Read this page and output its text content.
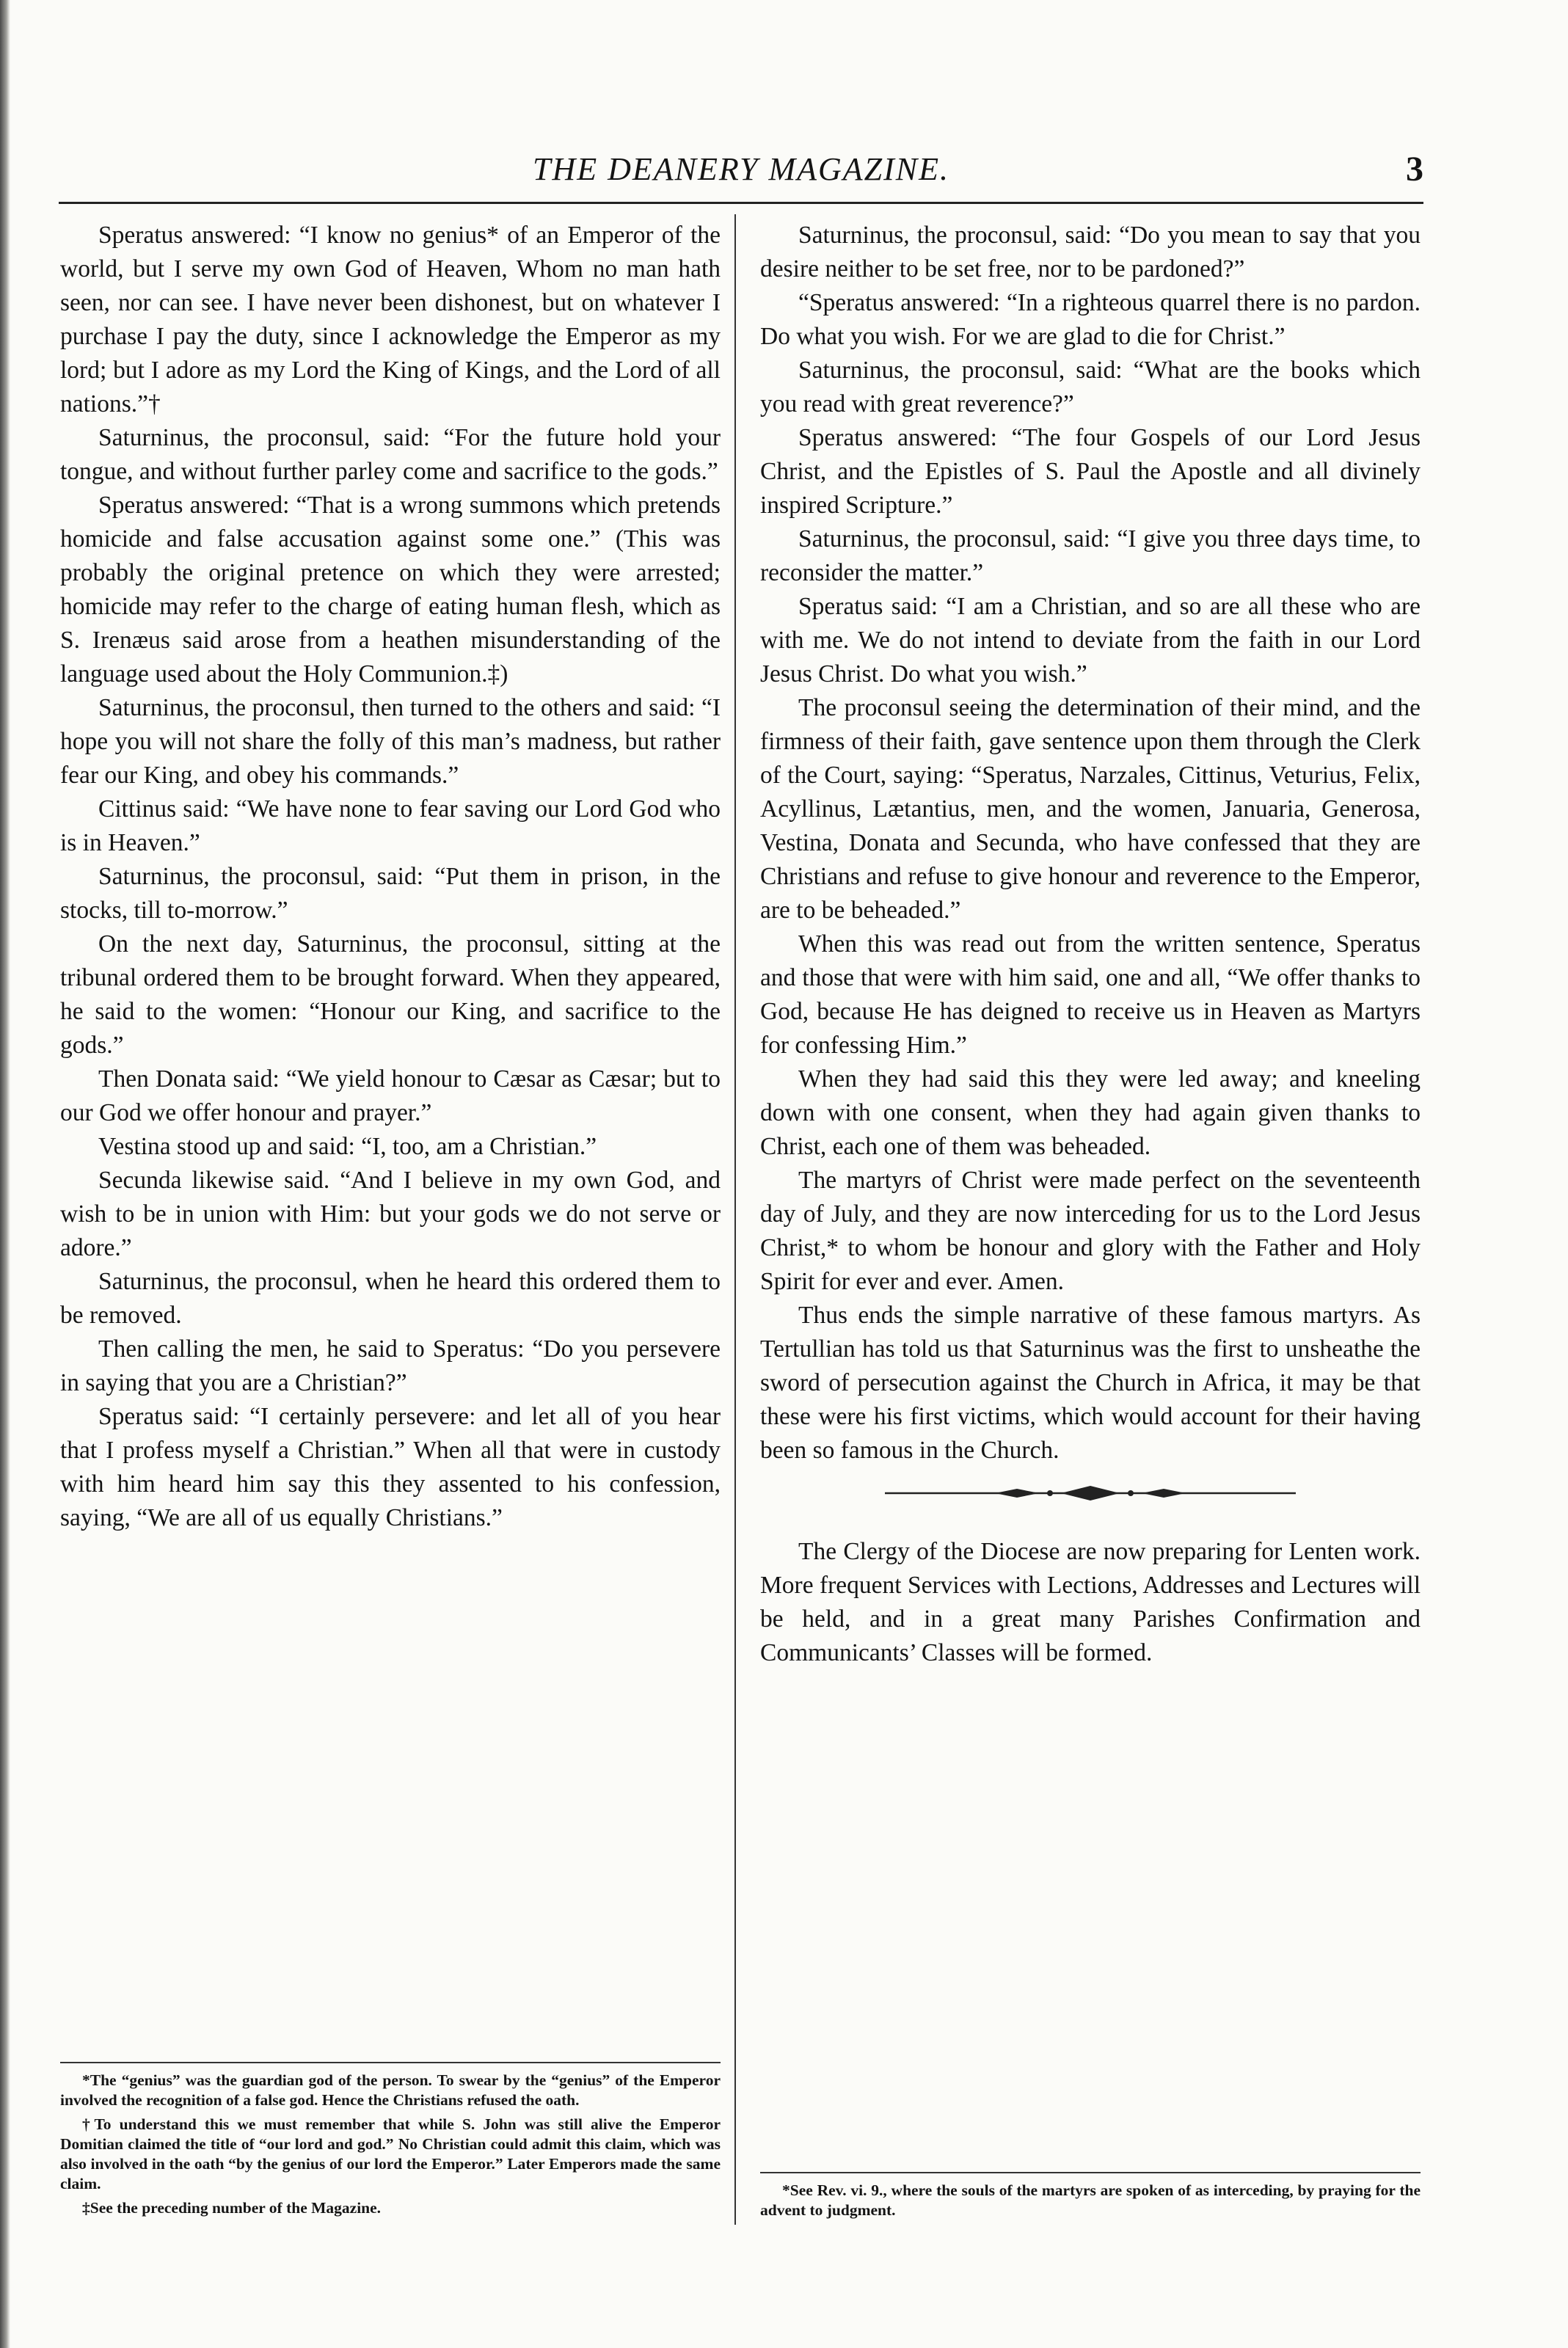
THE DEANERY MAGAZINE.	3

Speratus answered: “I know no genius* of an Emperor of the world, but I serve my own God of Heaven, Whom no man hath seen, nor can see. I have never been dishonest, but on whatever I purchase I pay the duty, since I acknowledge the Emperor as my lord; but I adore as my Lord the King of Kings, and the Lord of all nations.”†

Saturninus, the proconsul, said: “For the future hold your tongue, and without further parley come and sacrifice to the gods.”

Speratus answered: “That is a wrong summons which pretends homicide and false accusation against some one.” (This was probably the original pretence on which they were arrested; homicide may refer to the charge of eating human flesh, which as S. Irenæus said arose from a heathen misunderstanding of the language used about the Holy Communion.‡)

Saturninus, the proconsul, then turned to the others and said: “I hope you will not share the folly of this man’s madness, but rather fear our King, and obey his commands.”

Cittinus said: “We have none to fear saving our Lord God who is in Heaven.”

Saturninus, the proconsul, said: “Put them in prison, in the stocks, till to-morrow.”

On the next day, Saturninus, the proconsul, sitting at the tribunal ordered them to be brought forward. When they appeared, he said to the women: “Honour our King, and sacrifice to the gods.”

Then Donata said: “We yield honour to Cæsar as Cæsar; but to our God we offer honour and prayer.”

Vestina stood up and said: “I, too, am a Christian.”

Secunda likewise said. “And I believe in my own God, and wish to be in union with Him: but your gods we do not serve or adore.”

Saturninus, the proconsul, when he heard this ordered them to be removed.

Then calling the men, he said to Speratus: “Do you persevere in saying that you are a Christian?”

Speratus said: “I certainly persevere: and let all of you hear that I profess myself a Christian.” When all that were in custody with him heard him say this they assented to his confession, saying, “We are all of us equally Christians.”

*The “genius” was the guardian god of the person. To swear by the “genius” of the Emperor involved the recognition of a false god. Hence the Christians refused the oath.

†To understand this we must remember that while S. John was still alive the Emperor Domitian claimed the title of “our lord and god.” No Christian could admit this claim, which was also involved in the oath “by the genius of our lord the Emperor.” Later Emperors made the same claim.

‡See the preceding number of the Magazine.

Saturninus, the proconsul, said: “Do you mean to say that you desire neither to be set free, nor to be pardoned?”

“Speratus answered: “In a righteous quarrel there is no pardon. Do what you wish. For we are glad to die for Christ.”

Saturninus, the proconsul, said: “What are the books which you read with great reverence?”

Speratus answered: “The four Gospels of our Lord Jesus Christ, and the Epistles of S. Paul the Apostle and all divinely inspired Scripture.”

Saturninus, the proconsul, said: “I give you three days time, to reconsider the matter.”

Speratus said: “I am a Christian, and so are all these who are with me. We do not intend to deviate from the faith in our Lord Jesus Christ. Do what you wish.”

The proconsul seeing the determination of their mind, and the firmness of their faith, gave sentence upon them through the Clerk of the Court, saying: “Speratus, Narzales, Cittinus, Veturius, Felix, Acyllinus, Lætantius, men, and the women, Januaria, Generosa, Vestina, Donata and Secunda, who have confessed that they are Christians and refuse to give honour and reverence to the Emperor, are to be beheaded.”

When this was read out from the written sentence, Speratus and those that were with him said, one and all, “We offer thanks to God, because He has deigned to receive us in Heaven as Martyrs for confessing Him.”

When they had said this they were led away; and kneeling down with one consent, when they had again given thanks to Christ, each one of them was beheaded.

The martyrs of Christ were made perfect on the seventeenth day of July, and they are now interceding for us to the Lord Jesus Christ,* to whom be honour and glory with the Father and Holy Spirit for ever and ever. Amen.

Thus ends the simple narrative of these famous martyrs. As Tertullian has told us that Saturninus was the first to unsheathe the sword of persecution against the Church in Africa, it may be that these were his first victims, which would account for their having been so famous in the Church.

The Clergy of the Diocese are now preparing for Lenten work. More frequent Services with Lections, Addresses and Lectures will be held, and in a great many Parishes Confirmation and Communicants’ Classes will be formed.

*See Rev. vi. 9., where the souls of the martyrs are spoken of as interceding, by praying for the advent to judgment.
